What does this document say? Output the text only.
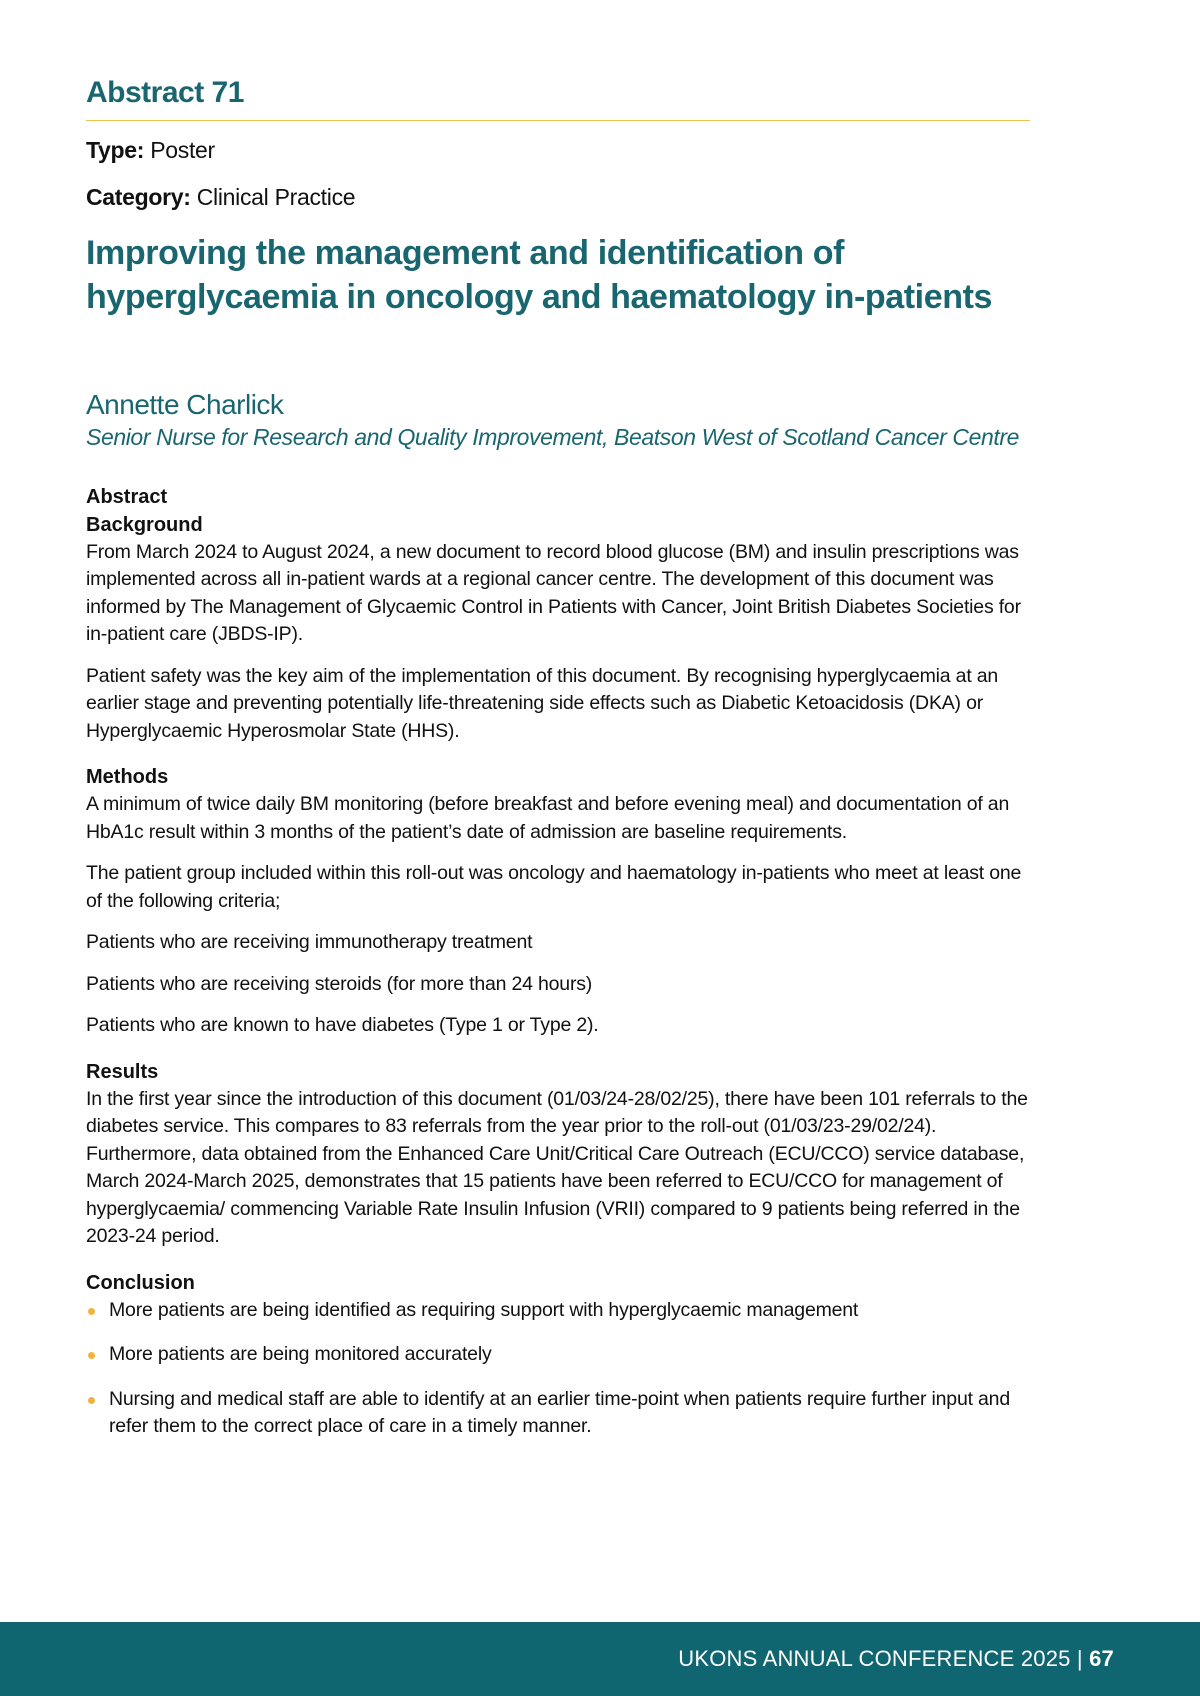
Abstract 71

Type: Poster

Category: Clinical Practice

Improving the management and identification of hyperglycaemia in oncology and haematology in-patients
Annette Charlick
Senior Nurse for Research and Quality Improvement, Beatson West of Scotland Cancer Centre
Abstract
Background

From March 2024 to August 2024, a new document to record blood glucose (BM) and insulin prescriptions was implemented across all in-patient wards at a regional cancer centre. The development of this document was informed by The Management of Glycaemic Control in Patients with Cancer, Joint British Diabetes Societies for in-patient care (JBDS-IP).

Patient safety was the key aim of the implementation of this document. By recognising hyperglycaemia at an earlier stage and preventing potentially life-threatening side effects such as Diabetic Ketoacidosis (DKA) or Hyperglycaemic Hyperosmolar State (HHS).

Methods

A minimum of twice daily BM monitoring (before breakfast and before evening meal) and documentation of an HbA1c result within 3 months of the patient’s date of admission are baseline requirements.

The patient group included within this roll-out was oncology and haematology in-patients who meet at least one of the following criteria;

Patients who are receiving immunotherapy treatment

Patients who are receiving steroids (for more than 24 hours)

Patients who are known to have diabetes (Type 1 or Type 2).

Results

In the first year since the introduction of this document (01/03/24-28/02/25), there have been 101 referrals to the diabetes service. This compares to 83 referrals from the year prior to the roll-out (01/03/23-29/02/24). Furthermore, data obtained from the Enhanced Care Unit/Critical Care Outreach (ECU/CCO) service database, March 2024-March 2025, demonstrates that 15 patients have been referred to ECU/CCO for management of hyperglycaemia/ commencing Variable Rate Insulin Infusion (VRII) compared to 9 patients being referred in the 2023-24 period.

Conclusion
More patients are being identified as requiring support with hyperglycaemic management
More patients are being monitored accurately
Nursing and medical staff are able to identify at an earlier time-point when patients require further input and refer them to the correct place of care in a timely manner.
UKONS ANNUAL CONFERENCE 2025 | 67
